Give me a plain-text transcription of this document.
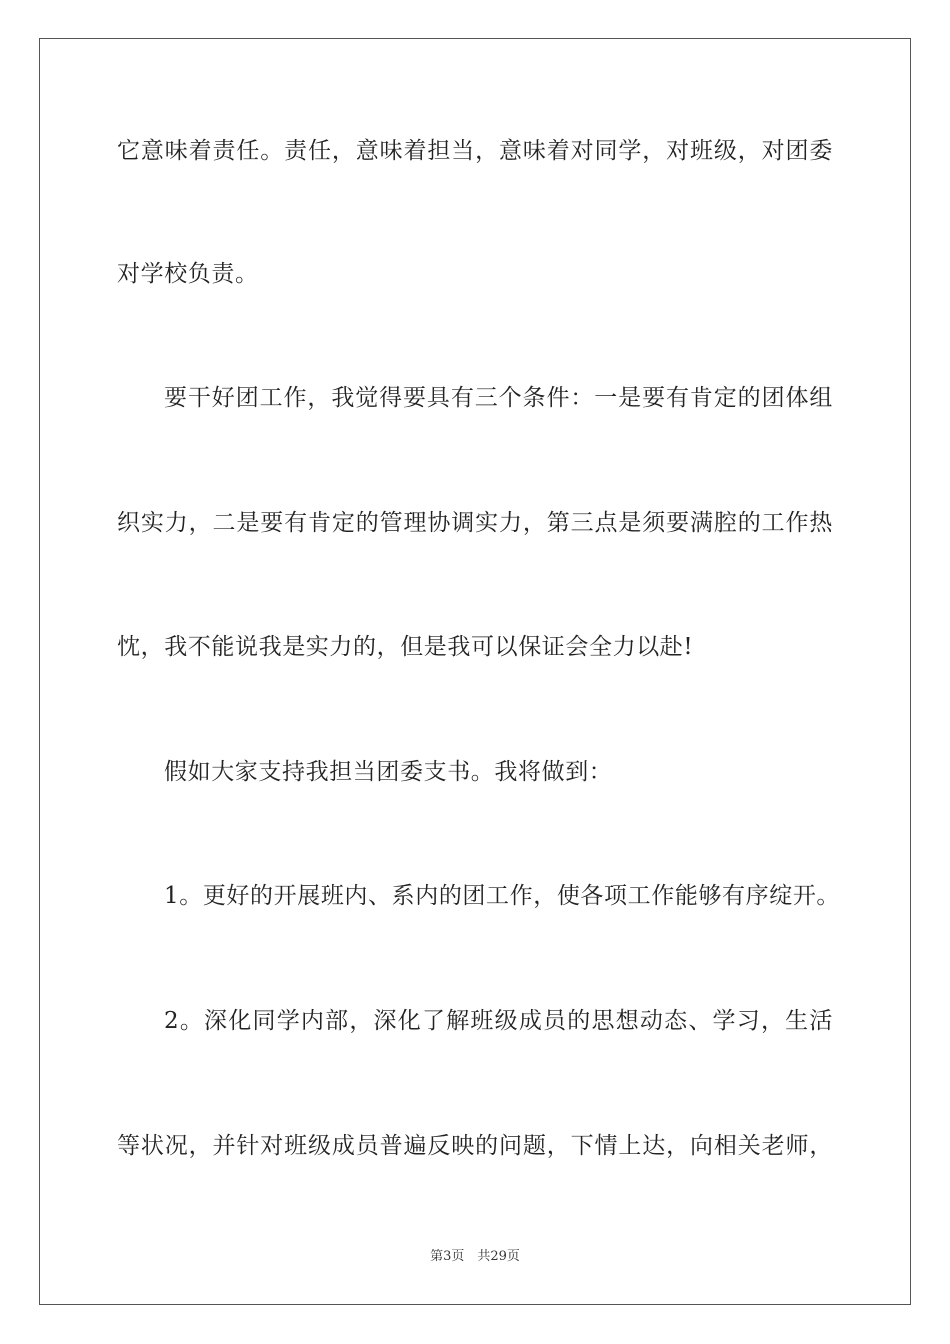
它意味着责任。责任，意味着担当，意味着对同学，对班级，对团委
对学校负责。
要干好团工作，我觉得要具有三个条件：一是要有肯定的团体组
织实力，二是要有肯定的管理协调实力，第三点是须要满腔的工作热
忱，我不能说我是实力的，但是我可以保证会全力以赴!
假如大家支持我担当团委支书。我将做到：
1。更好的开展班内、系内的团工作，使各项工作能够有序绽开。
2。深化同学内部，深化了解班级成员的思想动态、学习，生活
等状况，并针对班级成员普遍反映的问题，下情上达，向相关老师，
第3页　共29页
